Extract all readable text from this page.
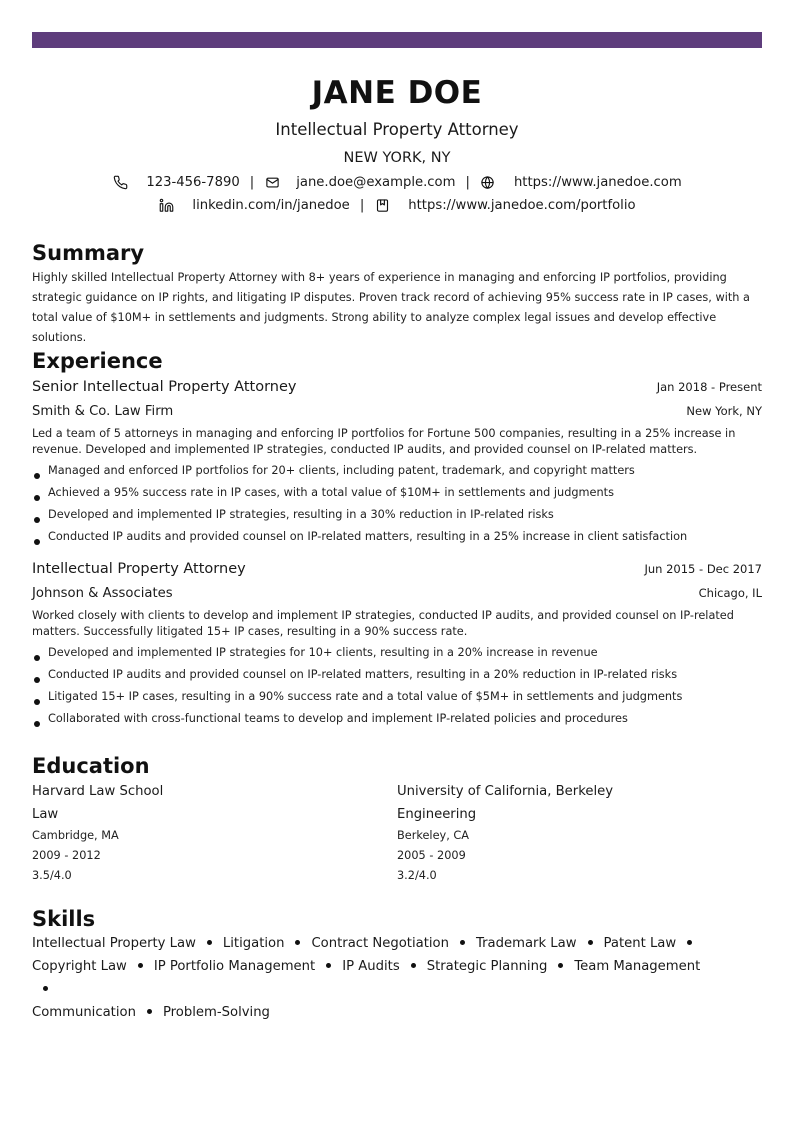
JANE DOE
Intellectual Property Attorney
NEW YORK, NY
123-456-7890 |	jane.doe@example.com |	https://www.janedoe.com
linkedin.com/in/janedoe |	https://www.janedoe.com/portfolio
Summary
Highly skilled Intellectual Property Attorney with 8+ years of experience in managing and enforcing IP portfolios, providing strategic guidance on IP rights, and litigating IP disputes. Proven track record of achieving 95% success rate in IP cases, with a total value of $10M+ in settlements and judgments. Strong ability to analyze complex legal issues and develop effective solutions.
Experience
Senior Intellectual Property Attorney	Jan 2018 - Present
Smith & Co. Law Firm	New York, NY
Led a team of 5 attorneys in managing and enforcing IP portfolios for Fortune 500 companies, resulting in a 25% increase in revenue. Developed and implemented IP strategies, conducted IP audits, and provided counsel on IP-related matters.
Managed and enforced IP portfolios for 20+ clients, including patent, trademark, and copyright matters
Achieved a 95% success rate in IP cases, with a total value of $10M+ in settlements and judgments
Developed and implemented IP strategies, resulting in a 30% reduction in IP-related risks
Conducted IP audits and provided counsel on IP-related matters, resulting in a 25% increase in client satisfaction
Intellectual Property Attorney	Jun 2015 - Dec 2017
Johnson & Associates	Chicago, IL
Worked closely with clients to develop and implement IP strategies, conducted IP audits, and provided counsel on IP-related matters. Successfully litigated 15+ IP cases, resulting in a 90% success rate.
Developed and implemented IP strategies for 10+ clients, resulting in a 20% increase in revenue
Conducted IP audits and provided counsel on IP-related matters, resulting in a 20% reduction in IP-related risks
Litigated 15+ IP cases, resulting in a 90% success rate and a total value of $5M+ in settlements and judgments
Collaborated with cross-functional teams to develop and implement IP-related policies and procedures
Education
Harvard Law School
Law
Cambridge, MA
2009 - 2012
3.5/4.0
University of California, Berkeley
Engineering
Berkeley, CA
2005 - 2009
3.2/4.0
Skills
Intellectual Property Law Litigation Contract Negotiation Trademark Law Patent Law
Copyright Law IP Portfolio Management IP Audits Strategic Planning Team Management
Communication Problem-Solving
